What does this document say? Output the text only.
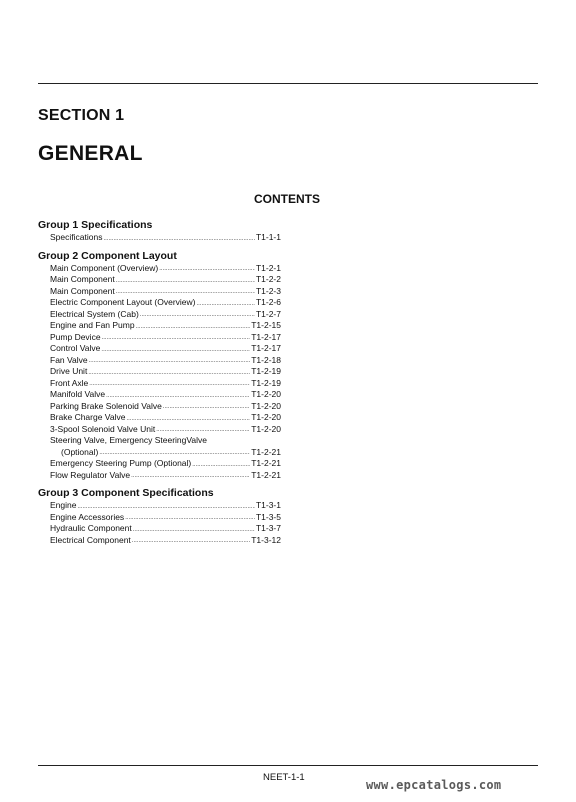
SECTION 1
GENERAL
CONTENTS
Group 1 Specifications
Specifications .....	T1-1-1
Group 2 Component Layout
Main Component (Overview) .....	T1-2-1
Main Component .....	T1-2-2
Main Component .....	T1-2-3
Electric Component Layout (Overview) .....	T1-2-6
Electrical System (Cab) .....	T1-2-7
Engine and Fan Pump .....	T1-2-15
Pump Device .....	T1-2-17
Control Valve .....	T1-2-17
Fan Valve .....	T1-2-18
Drive Unit .....	T1-2-19
Front Axle .....	T1-2-19
Manifold Valve .....	T1-2-20
Parking Brake Solenoid Valve .....	T1-2-20
Brake Charge Valve .....	T1-2-20
3-Spool Solenoid Valve Unit .....	T1-2-20
Steering Valve, Emergency SteeringValve
(Optional) .....	T1-2-21
Emergency Steering Pump (Optional) .....	T1-2-21
Flow Regulator Valve .....	T1-2-21
Group 3 Component Specifications
Engine .....	T1-3-1
Engine Accessories .....	T1-3-5
Hydraulic Component .....	T1-3-7
Electrical Component .....	T1-3-12
NEET-1-1
www.epcatalogs.com
